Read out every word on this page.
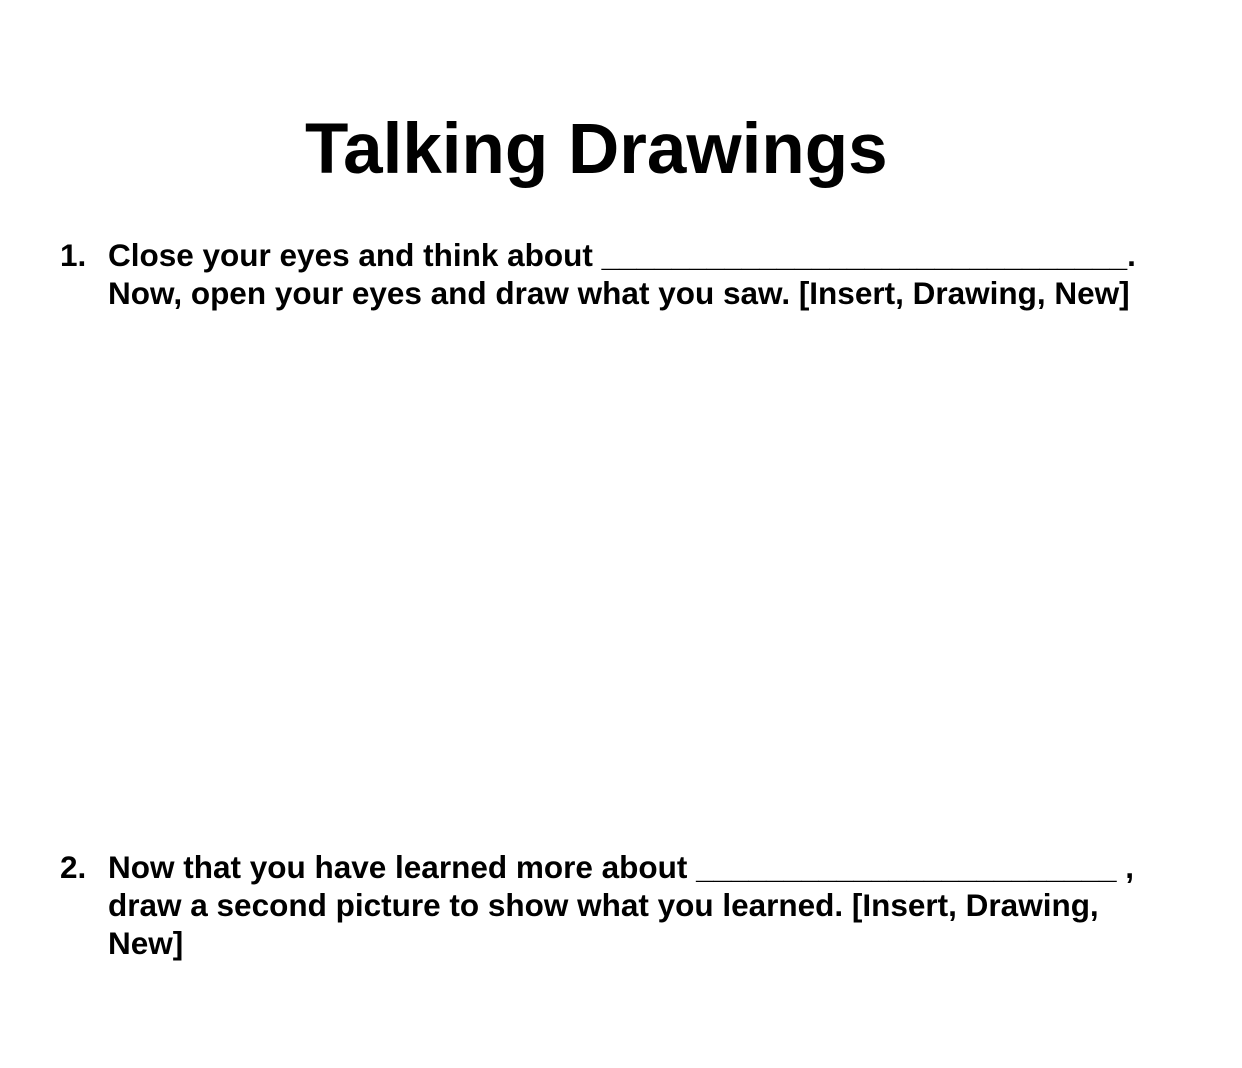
Talking Drawings
1. Close your eyes and think about ______________________________.
Now, open your eyes and draw what you saw. [Insert, Drawing, New]
2. Now that you have learned more about ________________________ ,
draw a second picture to show what you learned. [Insert, Drawing,
New]
